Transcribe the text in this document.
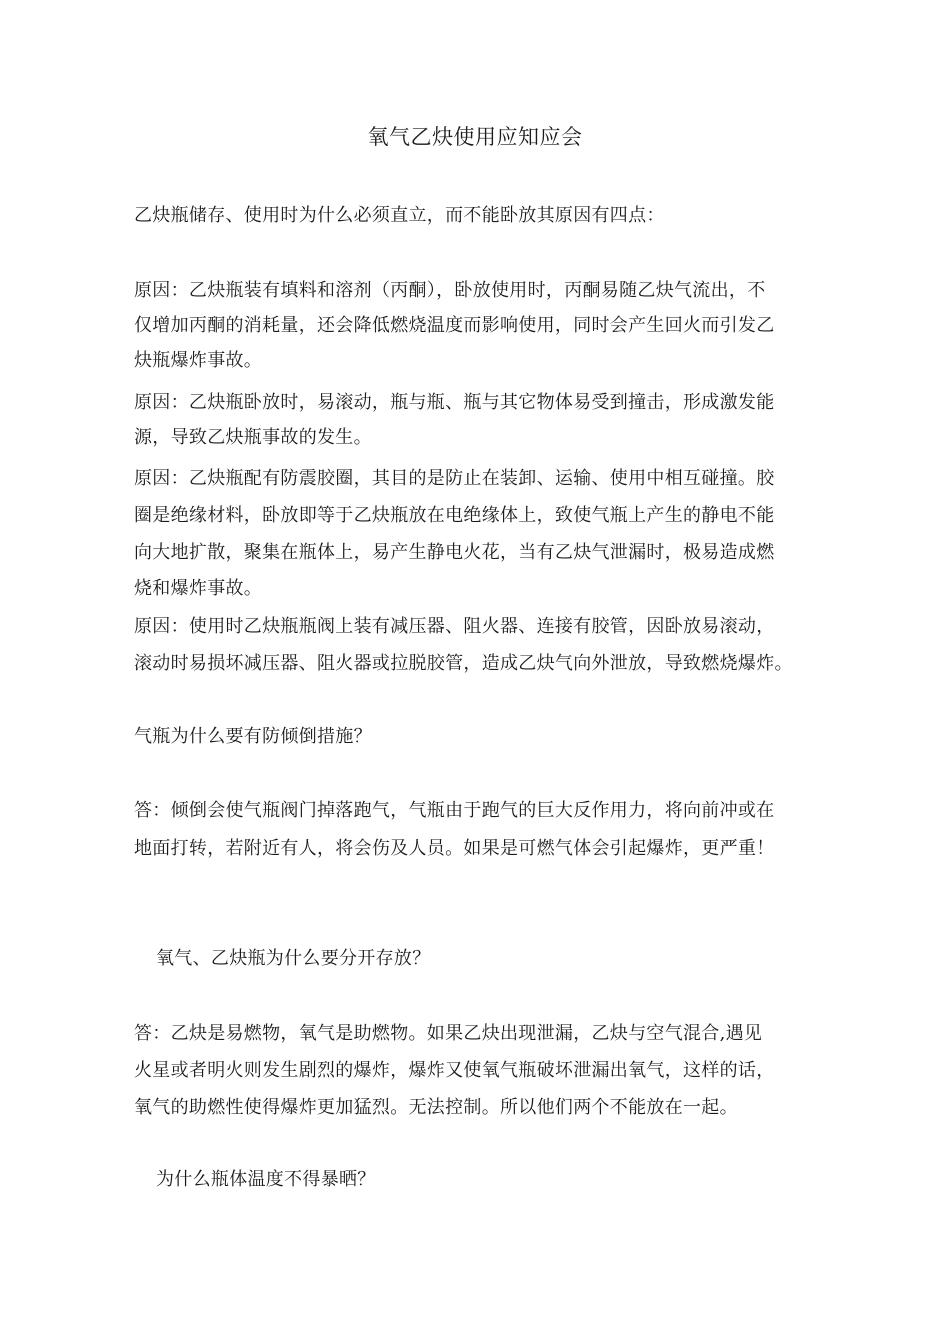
氧气乙炔使用应知应会
乙炔瓶储存、使用时为什么必须直立，而不能卧放其原因有四点：
原因：乙炔瓶装有填料和溶剂（丙酮），卧放使用时，丙酮易随乙炔气流出，不
仅增加丙酮的消耗量，还会降低燃烧温度而影响使用，同时会产生回火而引发乙
炔瓶爆炸事故。
原因：乙炔瓶卧放时，易滚动，瓶与瓶、瓶与其它物体易受到撞击，形成激发能
源，导致乙炔瓶事故的发生。
原因：乙炔瓶配有防震胶圈，其目的是防止在装卸、运输、使用中相互碰撞。胶
圈是绝缘材料，卧放即等于乙炔瓶放在电绝缘体上，致使气瓶上产生的静电不能
向大地扩散，聚集在瓶体上，易产生静电火花，当有乙炔气泄漏时，极易造成燃
烧和爆炸事故。
原因：使用时乙炔瓶瓶阀上装有减压器、阻火器、连接有胶管，因卧放易滚动，
滚动时易损坏减压器、阻火器或拉脱胶管，造成乙炔气向外泄放，导致燃烧爆炸。
气瓶为什么要有防倾倒措施？
答：倾倒会使气瓶阀门掉落跑气，气瓶由于跑气的巨大反作用力，将向前冲或在
地面打转，若附近有人，将会伤及人员。如果是可燃气体会引起爆炸，更严重！
氧气、乙炔瓶为什么要分开存放？
答：乙炔是易燃物，氧气是助燃物。如果乙炔出现泄漏，乙炔与空气混合,遇见
火星或者明火则发生剧烈的爆炸，爆炸又使氧气瓶破坏泄漏出氧气，这样的话，
氧气的助燃性使得爆炸更加猛烈。无法控制。所以他们两个不能放在一起。
为什么瓶体温度不得暴晒？
